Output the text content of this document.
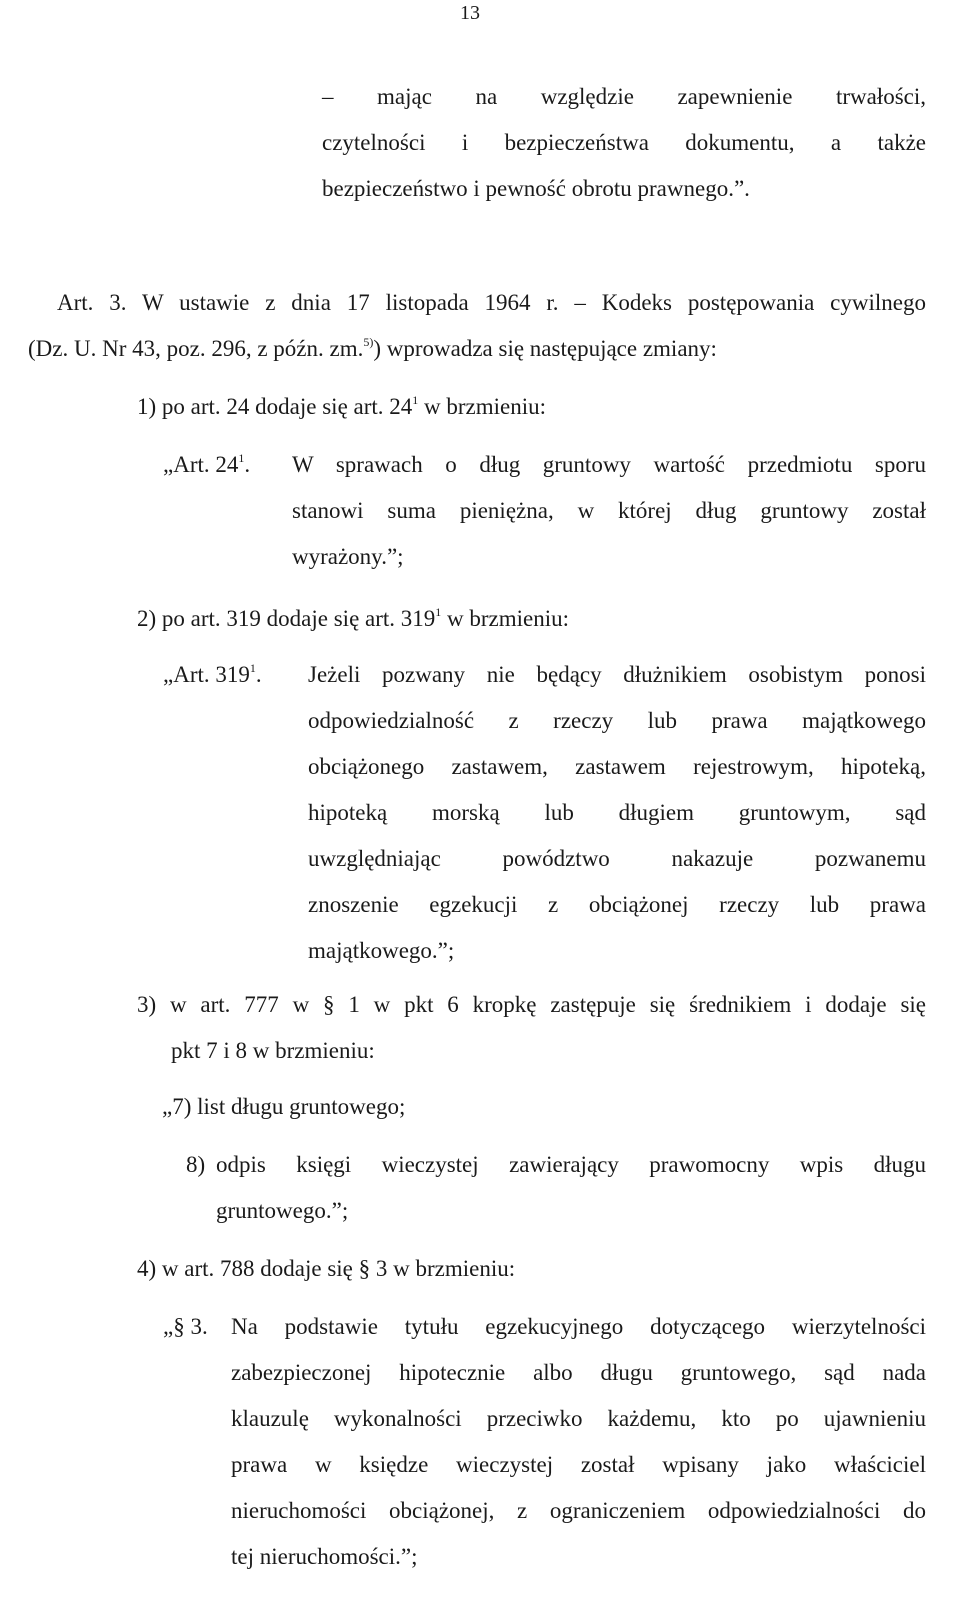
13
– mając na względzie zapewnienie trwałości,
czytelności i bezpieczeństwa dokumentu, a także
bezpieczeństwo i pewność obrotu prawnego.”.
Art. 3. W ustawie z dnia 17 listopada 1964 r. – Kodeks postępowania cywilnego
(Dz. U. Nr 43, poz. 296, z późn. zm.$^{5)}$) wprowadza się następujące zmiany:
1) po art. 24 dodaje się art. $24^1$ w brzmieniu:
„Art. $24^1$.	W sprawach o dług gruntowy wartość przedmiotu sporu
stanowi suma pieniężna, w której dług gruntowy został
wyrażony.”;
2) po art. 319 dodaje się art. $319^1$ w brzmieniu:
„Art. $319^1$.	Jeżeli pozwany nie będący dłużnikiem osobistym ponosi
odpowiedzialność z rzeczy lub prawa majątkowego
obciążonego zastawem, zastawem rejestrowym, hipoteką,
hipoteką morską lub długiem gruntowym, sąd
uwzględniając powództwo nakazuje pozwanemu
znoszenie egzekucji z obciążonej rzeczy lub prawa
majątkowego.”;
3) w art. 777 w § 1 w pkt 6 kropkę zastępuje się średnikiem i dodaje się
pkt 7 i 8 w brzmieniu:
„7) list długu gruntowego;
8) odpis księgi wieczystej zawierający prawomocny wpis długu
gruntowego.”;
4) w art. 788 dodaje się § 3 w brzmieniu:
„§ 3.	Na podstawie tytułu egzekucyjnego dotyczącego wierzytelności
zabezpieczonej hipotecznie albo długu gruntowego, sąd nada
klauzulę wykonalności przeciwko każdemu, kto po ujawnieniu
prawa w księdze wieczystej został wpisany jako właściciel
nieruchomości obciążonej, z ograniczeniem odpowiedzialności do
tej nieruchomości.”;
